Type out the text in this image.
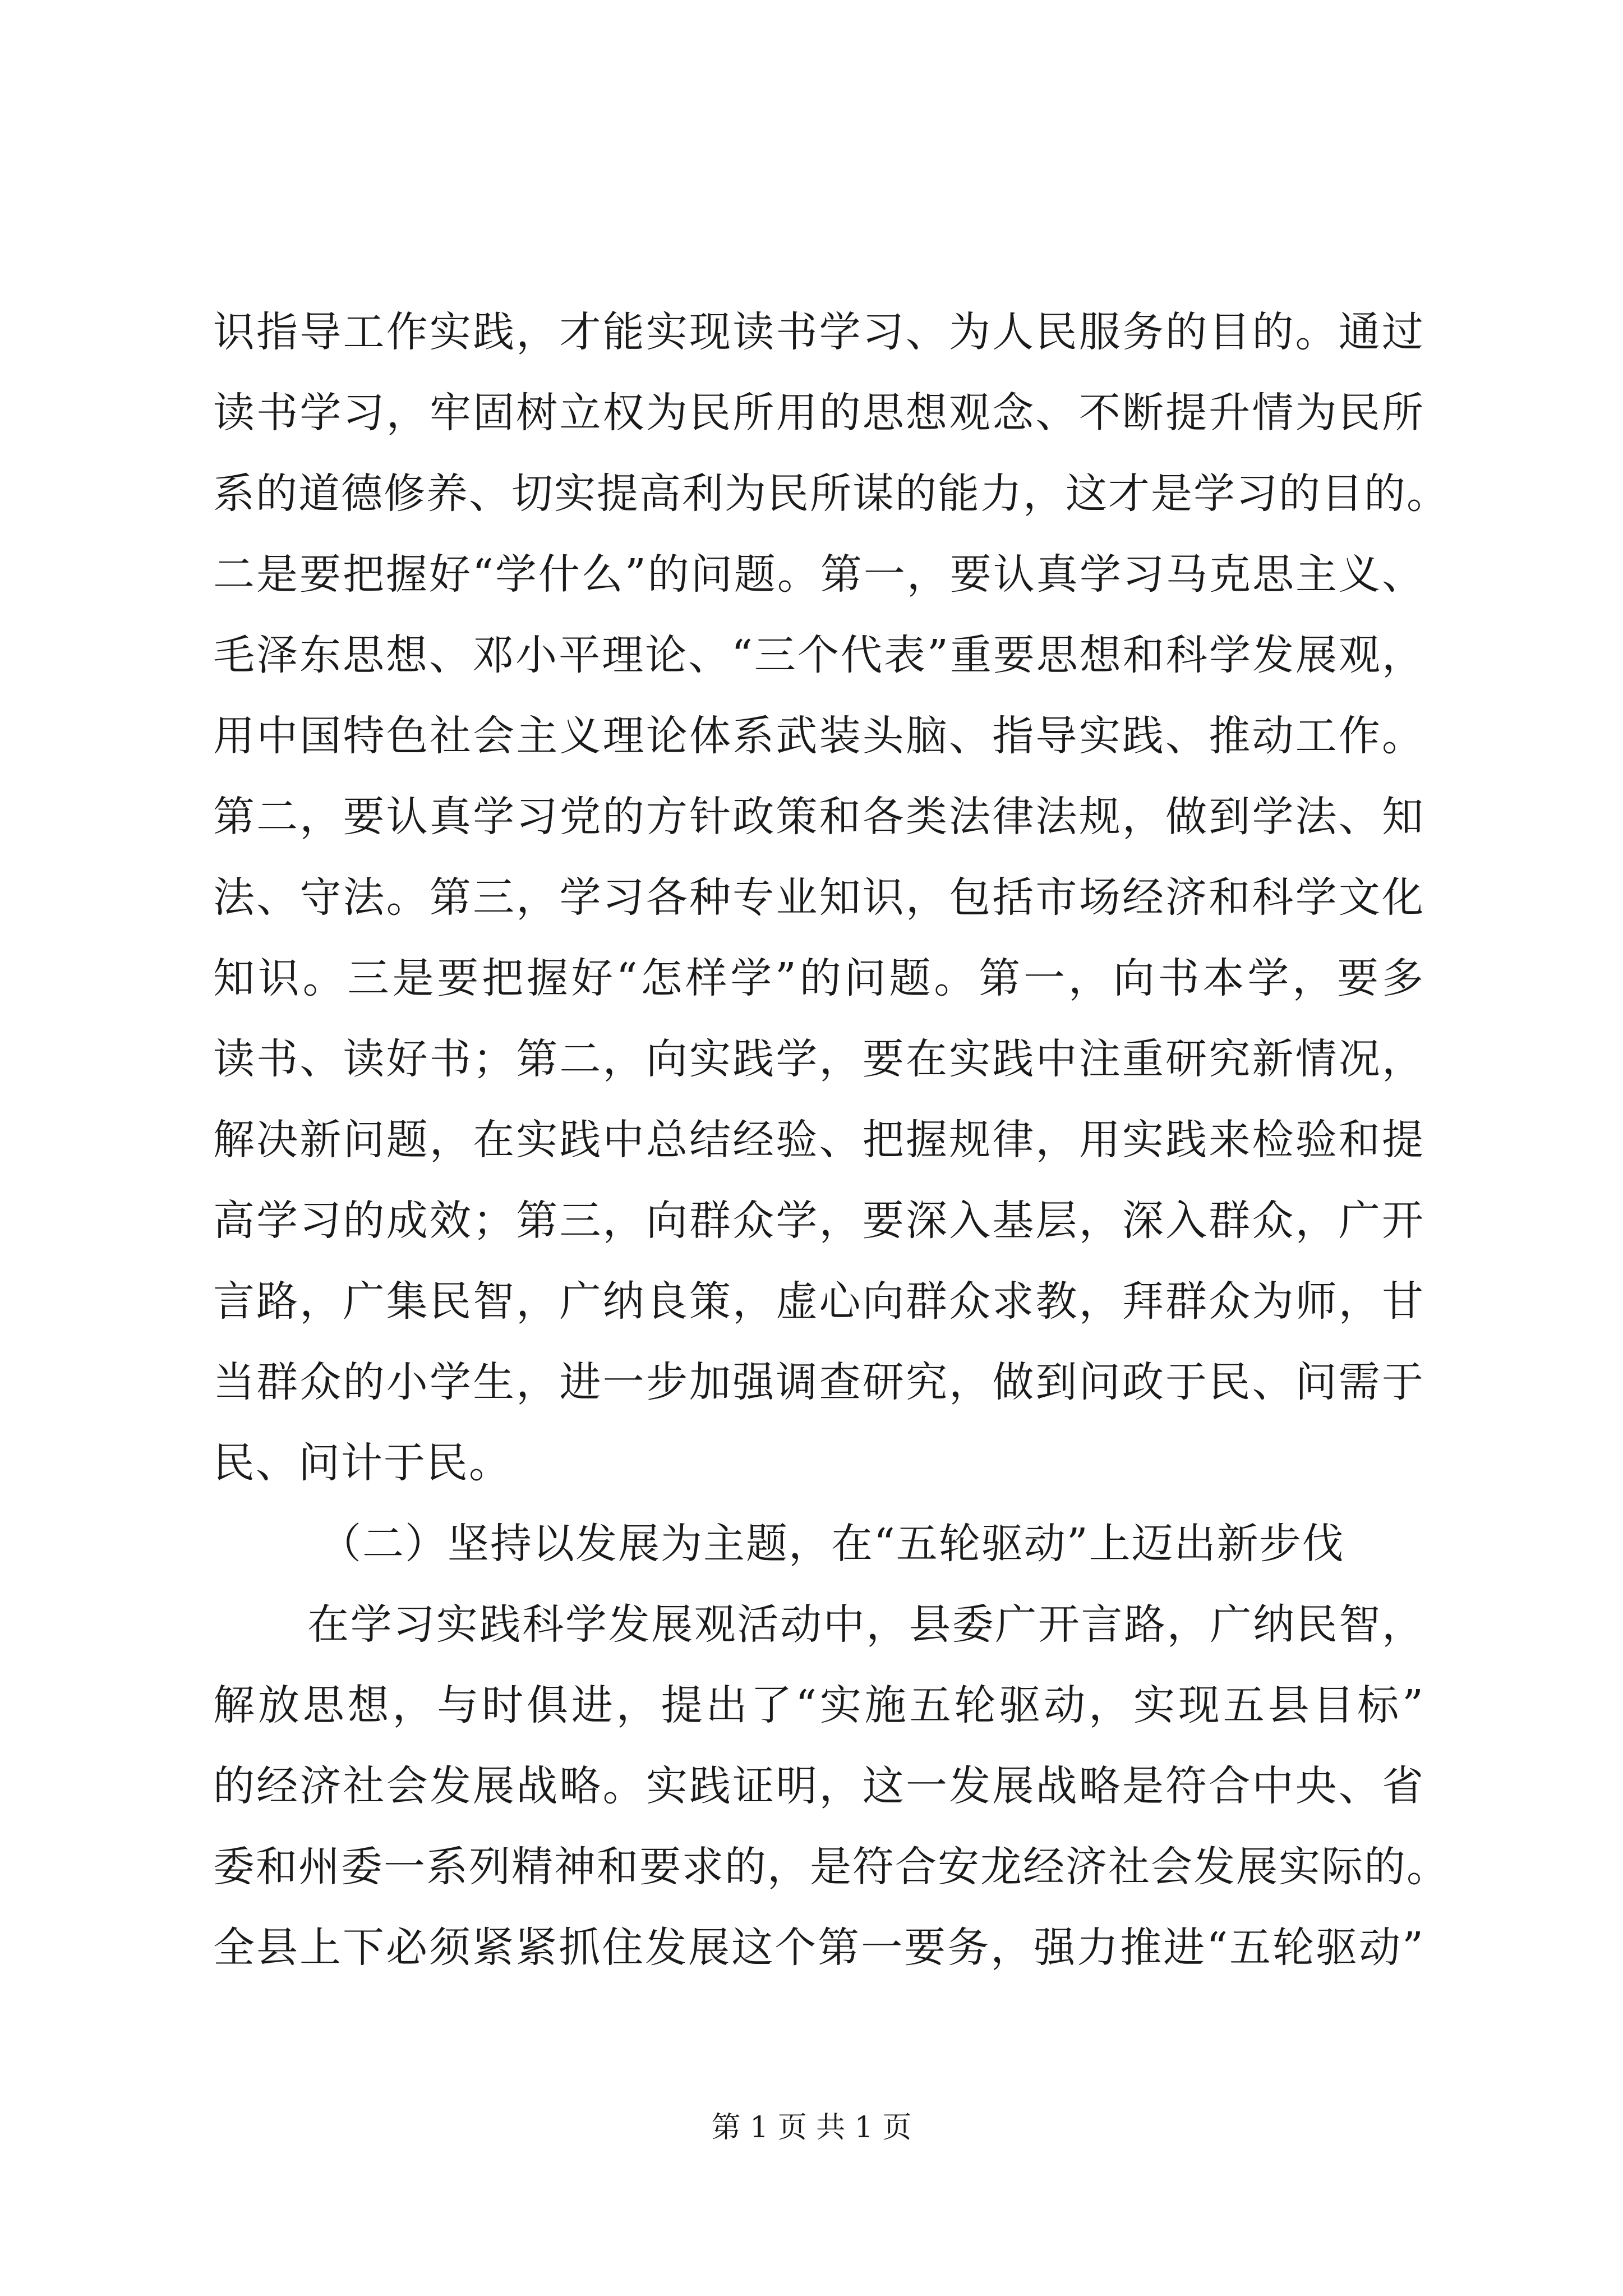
识指导工作实践，才能实现读书学习、为人民服务的目的。通过
读书学习，牢固树立权为民所用的思想观念、不断提升情为民所
系的道德修养、切实提高利为民所谋的能力，这才是学习的目的。
二是要把握好“学什么”的问题。第一，要认真学习马克思主义、
毛泽东思想、邓小平理论、“三个代表”重要思想和科学发展观，
用中国特色社会主义理论体系武装头脑、指导实践、推动工作。
第二，要认真学习党的方针政策和各类法律法规，做到学法、知
法、守法。第三，学习各种专业知识，包括市场经济和科学文化
知识。三是要把握好“怎样学”的问题。第一，向书本学，要多
读书、读好书；第二，向实践学，要在实践中注重研究新情况，
解决新问题，在实践中总结经验、把握规律，用实践来检验和提
高学习的成效；第三，向群众学，要深入基层，深入群众，广开
言路，广集民智，广纳良策，虚心向群众求教，拜群众为师，甘
当群众的小学生，进一步加强调查研究，做到问政于民、问需于
民、问计于民。
（二）坚持以发展为主题，在“五轮驱动”上迈出新步伐
在学习实践科学发展观活动中，县委广开言路，广纳民智，
解放思想，与时俱进，提出了“实施五轮驱动，实现五县目标”
的经济社会发展战略。实践证明，这一发展战略是符合中央、省
委和州委一系列精神和要求的，是符合安龙经济社会发展实际的。
全县上下必须紧紧抓住发展这个第一要务，强力推进“五轮驱动”
第 1 页 共 1 页
